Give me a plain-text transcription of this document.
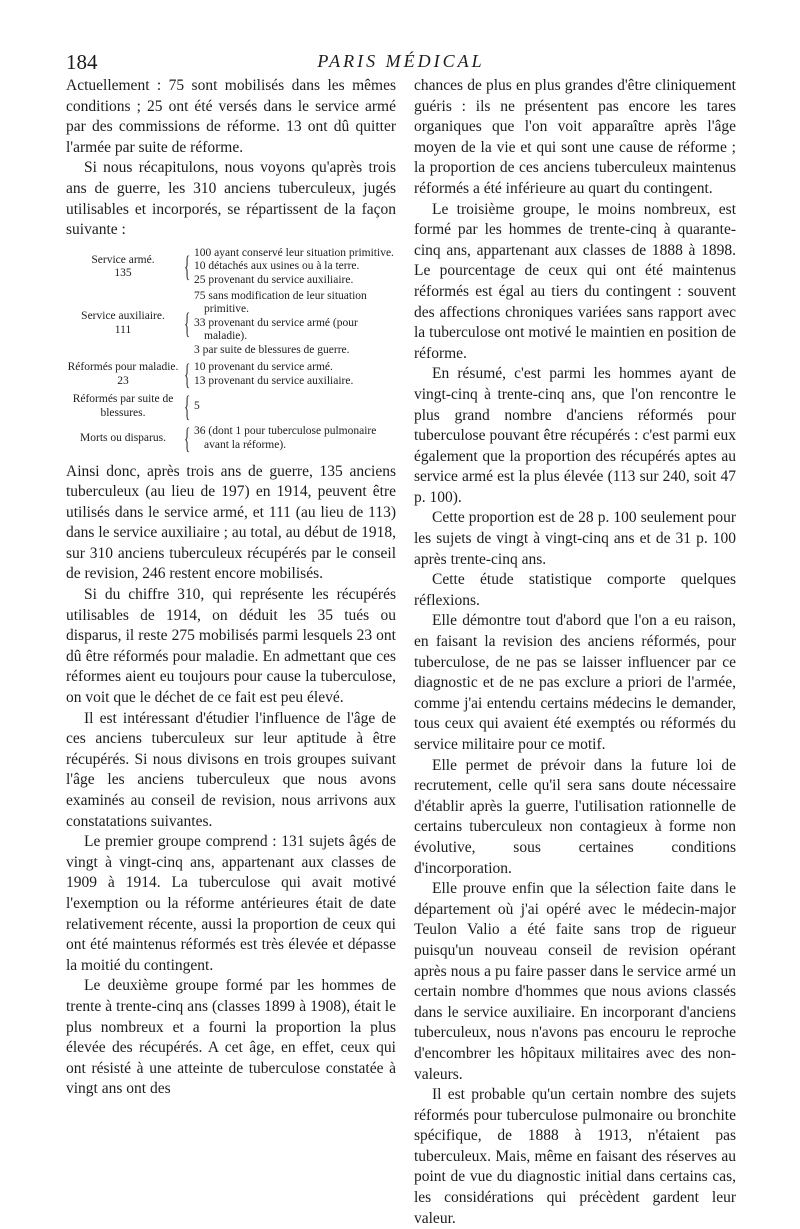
184	PARIS MÉDICAL

Actuellement : 75 sont mobilisés dans les mêmes conditions ; 25 ont été versés dans le service armé par des commissions de réforme. 13 ont dû quitter l'armée par suite de réforme.

Si nous récapitulons, nous voyons qu'après trois ans de guerre, les 310 anciens tuberculeux, jugés utilisables et incorporés, se répartissent de la façon suivante :

Service armé.
135	{ 100 ayant conservé leur situation primitive.
10 détachés aux usines ou à la terre.
25 provenant du service auxiliaire.
Service auxiliaire.
111	{
75 sans modification de leur situation primitive.
33 provenant du service armé (pour maladie).
3 par suite de blessures de guerre.
Réformés pour maladie.
23	{ 10 provenant du service armé.
13 provenant du service auxiliaire.
Réformés par suite de blessures.	{ 5
Morts ou disparus. { 36 (dont 1 pour tuberculose pulmonaire avant la réforme).

Ainsi donc, après trois ans de guerre, 135 anciens tuberculeux (au lieu de 197) en 1914, peuvent être utilisés dans le service armé, et 111 (au lieu de 113) dans le service auxiliaire ; au total, au début de 1918, sur 310 anciens tuberculeux récupérés par le conseil de revision, 246 restent encore mobilisés.

Si du chiffre 310, qui représente les récupérés utilisables de 1914, on déduit les 35 tués ou disparus, il reste 275 mobilisés parmi lesquels 23 ont dû être réformés pour maladie. En admettant que ces réformes aient eu toujours pour cause la tuberculose, on voit que le déchet de ce fait est peu élevé.

Il est intéressant d'étudier l'influence de l'âge de ces anciens tuberculeux sur leur aptitude à être récupérés. Si nous divisons en trois groupes suivant l'âge les anciens tuberculeux que nous avons examinés au conseil de revision, nous arrivons aux constatations suivantes.

Le premier groupe comprend : 131 sujets âgés de vingt à vingt-cinq ans, appartenant aux classes de 1909 à 1914. La tuberculose qui avait motivé l'exemption ou la réforme antérieures était de date relativement récente, aussi la proportion de ceux qui ont été maintenus réformés est très élevée et dépasse la moitié du contingent.

Le deuxième groupe formé par les hommes de trente à trente-cinq ans (classes 1899 à 1908), était le plus nombreux et a fourni la proportion la plus élevée des récupérés. A cet âge, en effet, ceux qui ont résisté à une atteinte de tuberculose constatée à vingt ans ont des

chances de plus en plus grandes d'être cliniquement guéris : ils ne présentent pas encore les tares organiques que l'on voit apparaître après l'âge moyen de la vie et qui sont une cause de réforme ; la proportion de ces anciens tuberculeux maintenus réformés a été inférieure au quart du contingent.

Le troisième groupe, le moins nombreux, est formé par les hommes de trente-cinq à quarante-cinq ans, appartenant aux classes de 1888 à 1898. Le pourcentage de ceux qui ont été maintenus réformés est égal au tiers du contingent : souvent des affections chroniques variées sans rapport avec la tuberculose ont motivé le maintien en position de réforme.

En résumé, c'est parmi les hommes ayant de vingt-cinq à trente-cinq ans, que l'on rencontre le plus grand nombre d'anciens réformés pour tuberculose pouvant être récupérés : c'est parmi eux également que la proportion des récupérés aptes au service armé est la plus élevée (113 sur 240, soit 47 p. 100).

Cette proportion est de 28 p. 100 seulement pour les sujets de vingt à vingt-cinq ans et de 31 p. 100 après trente-cinq ans.

Cette étude statistique comporte quelques réflexions.

Elle démontre tout d'abord que l'on a eu raison, en faisant la revision des anciens réformés, pour tuberculose, de ne pas se laisser influencer par ce diagnostic et de ne pas exclure a priori de l'armée, comme j'ai entendu certains médecins le demander, tous ceux qui avaient été exemptés ou réformés du service militaire pour ce motif.

Elle permet de prévoir dans la future loi de recrutement, celle qu'il sera sans doute nécessaire d'établir après la guerre, l'utilisation rationnelle de certains tuberculeux non contagieux à forme non évolutive, sous certaines conditions d'incorporation.

Elle prouve enfin que la sélection faite dans le département où j'ai opéré avec le médecin-major Teulon Valio a été faite sans trop de rigueur puisqu'un nouveau conseil de revision opérant après nous a pu faire passer dans le service armé un certain nombre d'hommes que nous avions classés dans le service auxiliaire. En incorporant d'anciens tuberculeux, nous n'avons pas encouru le reproche d'encombrer les hôpitaux militaires avec des non-valeurs.

Il est probable qu'un certain nombre des sujets réformés pour tuberculose pulmonaire ou bronchite spécifique, de 1888 à 1913, n'étaient pas tuberculeux. Mais, même en faisant des réserves au point de vue du diagnostic initial dans certains cas, les considérations qui précèdent gardent leur valeur.
